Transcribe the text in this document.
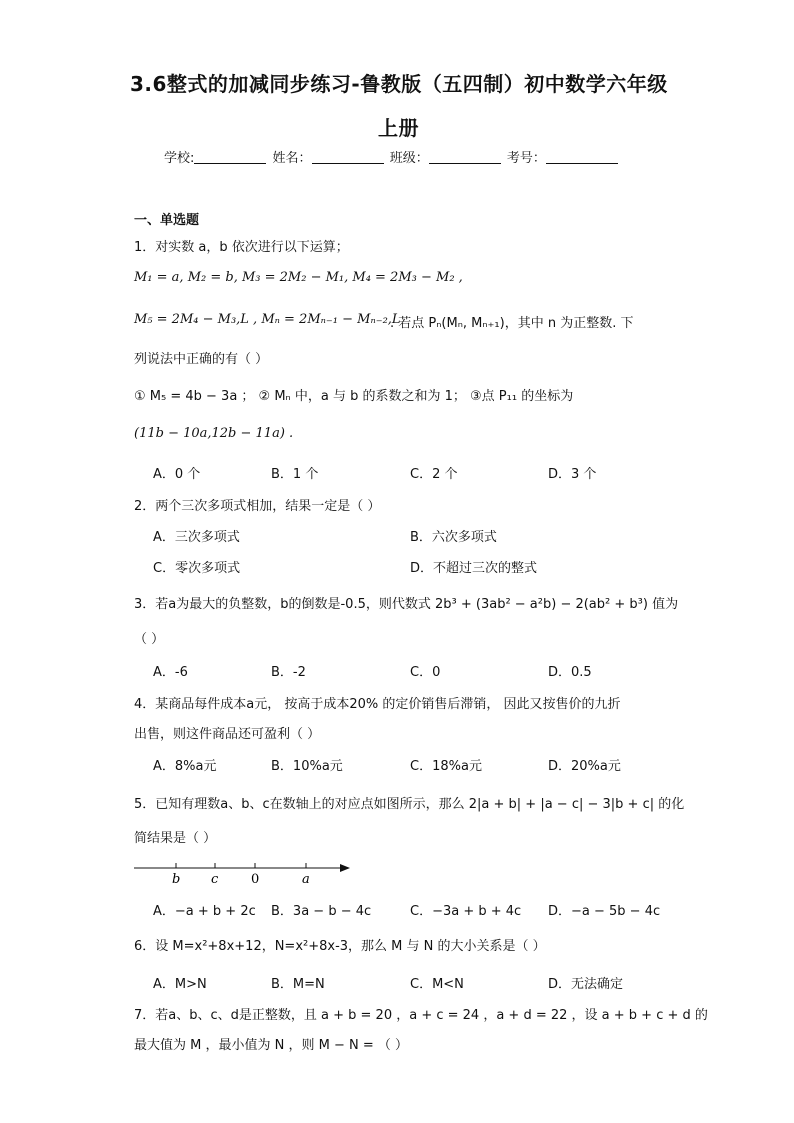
3.6整式的加减同步练习-鲁教版（五四制）初中数学六年级
上册
学校:	姓名：	班级：	考号：
一、单选题
1．对实数 a，b 依次进行以下运算；
M₁ = a, M₂ = b, M₃ = 2M₂ − M₁, M₄ = 2M₃ − M₂ ,
M₅ = 2M₄ − M₃,L , Mₙ = 2Mₙ₋₁ − Mₙ₋₂,L
. 若点 Pₙ(Mₙ, Mₙ₊₁)，其中 n 为正整数. 下
列说法中正确的有（ ）
① M₅ = 4b − 3a ； ② Mₙ 中，a 与 b 的系数之和为 1； ③点 P₁₁ 的坐标为
(11b − 10a,12b − 11a) .
A．0 个	B．1 个	C．2 个	D．3 个
2．两个三次多项式相加，结果一定是（ ）
A．三次多项式	B．六次多项式
C．零次多项式	D．不超过三次的整式
3．若a为最大的负整数，b的倒数是-0.5，则代数式 2b³ + (3ab² − a²b) − 2(ab² + b³) 值为
（ ）
A．-6	B．-2	C．0	D．0.5
4．某商品每件成本a元， 按高于成本20% 的定价销售后滞销， 因此又按售价的九折
出售，则这件商品还可盈利（ ）
A．8%a元	B．10%a元	C．18%a元	D．20%a元
5．已知有理数a、b、c在数轴上的对应点如图所示，那么 2|a + b| + |a − c| − 3|b + c| 的化
简结果是（ ）
b c	0	a
A．−a + b + 2c B．3a − b − 4c	C．−3a + b + 4c D．−a − 5b − 4c
6．设 M=x²+8x+12，N=x²+8x-3，那么 M 与 N 的大小关系是（ ）
A．M>N	B．M=N	C．M<N	D．无法确定
7．若a、b、c、d是正整数，且 a + b = 20 ，a + c = 24 ，a + d = 22 ，设 a + b + c + d 的
最大值为 M ，最小值为 N ，则 M − N = （ ）
